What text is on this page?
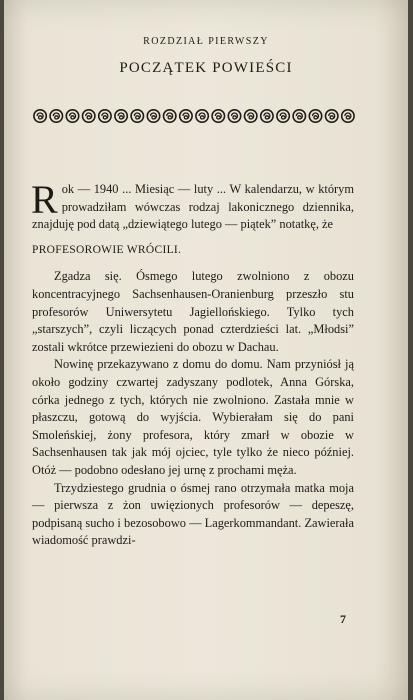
ROZDZIAŁ PIERWSZY
POCZĄTEK POWIEŚCI

Rok — 1940 ... Miesiąc — luty ... W kalendarzu, w którym prowadziłam wówczas rodzaj lakonicznego dziennika, znajduję pod datą „dziewiątego lutego — piątek” notatkę, że

PROFESOROWIE WRÓCILI.

Zgadza się. Ósmego lutego zwolniono z obozu koncentracyjnego Sachsenhausen-Oranienburg przeszło stu profesorów Uniwersytetu Jagiellońskiego. Tylko tych „starszych”, czyli liczących ponad czterdzieści lat. „Młodsi” zostali wkrótce przewiezieni do obozu w Dachau.

Nowinę przekazywano z domu do domu. Nam przyniósł ją około godziny czwartej zadyszany podlotek, Anna Górska, córka jednego z tych, których nie zwolniono. Zastała mnie w płaszczu, gotową do wyjścia. Wybierałam się do pani Smoleńskiej, żony profesora, który zmarł w obozie w Sachsenhausen tak jak mój ojciec, tyle tylko że nieco później. Otóż — podobno odesłano jej urnę z prochami męża.

Trzydziestego grudnia o ósmej rano otrzymała matka moja — pierwsza z żon uwięzionych profesorów — depeszę, podpisaną sucho i bezosobowo — Lagerkommandant. Zawierała wiadomość prawdzi-

7
